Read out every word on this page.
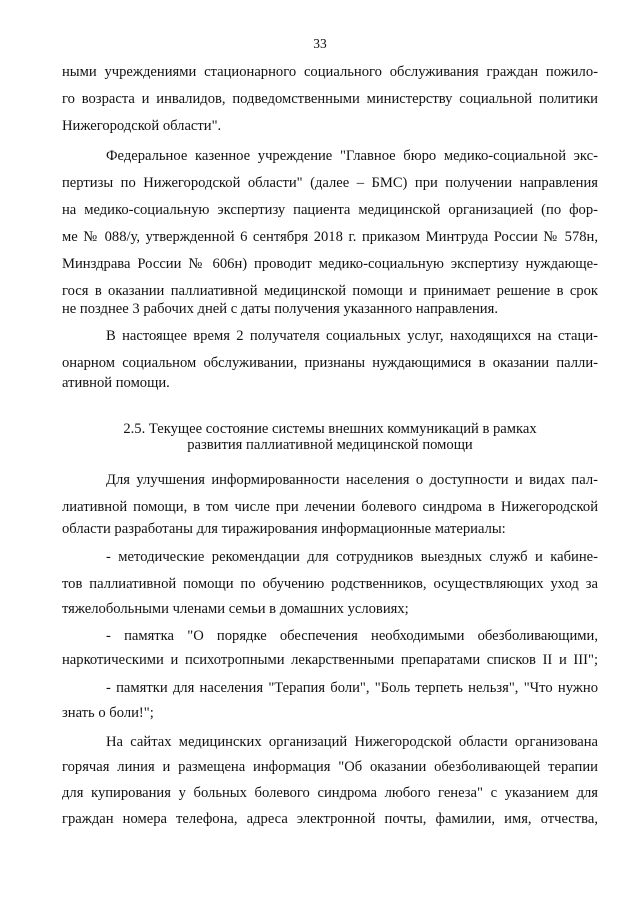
33
ными учреждениями стационарного социального обслуживания граждан пожило-
го возраста и инвалидов, подведомственными министерству социальной политики
Нижегородской области".
Федеральное казенное учреждение "Главное бюро медико-социальной экс-
пертизы по Нижегородской области" (далее – БМС) при получении направления
на медико-социальную экспертизу пациента медицинской организацией (по фор-
ме № 088/у, утвержденной 6 сентября 2018 г. приказом Минтруда России № 578н,
Минздрава России № 606н) проводит медико-социальную экспертизу нуждающе-
гося в оказании паллиативной медицинской помощи и принимает решение в срок
не позднее 3 рабочих дней с даты получения указанного направления.
В настоящее время 2 получателя социальных услуг, находящихся на стаци-
онарном социальном обслуживании, признаны нуждающимися в оказании палли-
ативной помощи.
2.5. Текущее состояние системы внешних коммуникаций в рамках
развития паллиативной медицинской помощи
Для улучшения информированности населения о доступности и видах пал-
лиативной помощи, в том числе при лечении болевого синдрома в Нижегородской
области разработаны для тиражирования информационные материалы:
- методические рекомендации для сотрудников выездных служб и кабине-
тов паллиативной помощи по обучению родственников, осуществляющих уход за
тяжелобольными членами семьи в домашних условиях;
- памятка "О порядке обеспечения необходимыми обезболивающими,
наркотическими и психотропными лекарственными препаратами списков II и III";
- памятки для населения "Терапия боли", "Боль терпеть нельзя", "Что нужно
знать о боли!";
На сайтах медицинских организаций Нижегородской области организована
горячая линия и размещена информация "Об оказании обезболивающей терапии
для купирования у больных болевого синдрома любого генеза" с указанием для
граждан номера телефона, адреса электронной почты, фамилии, имя, отчества,
